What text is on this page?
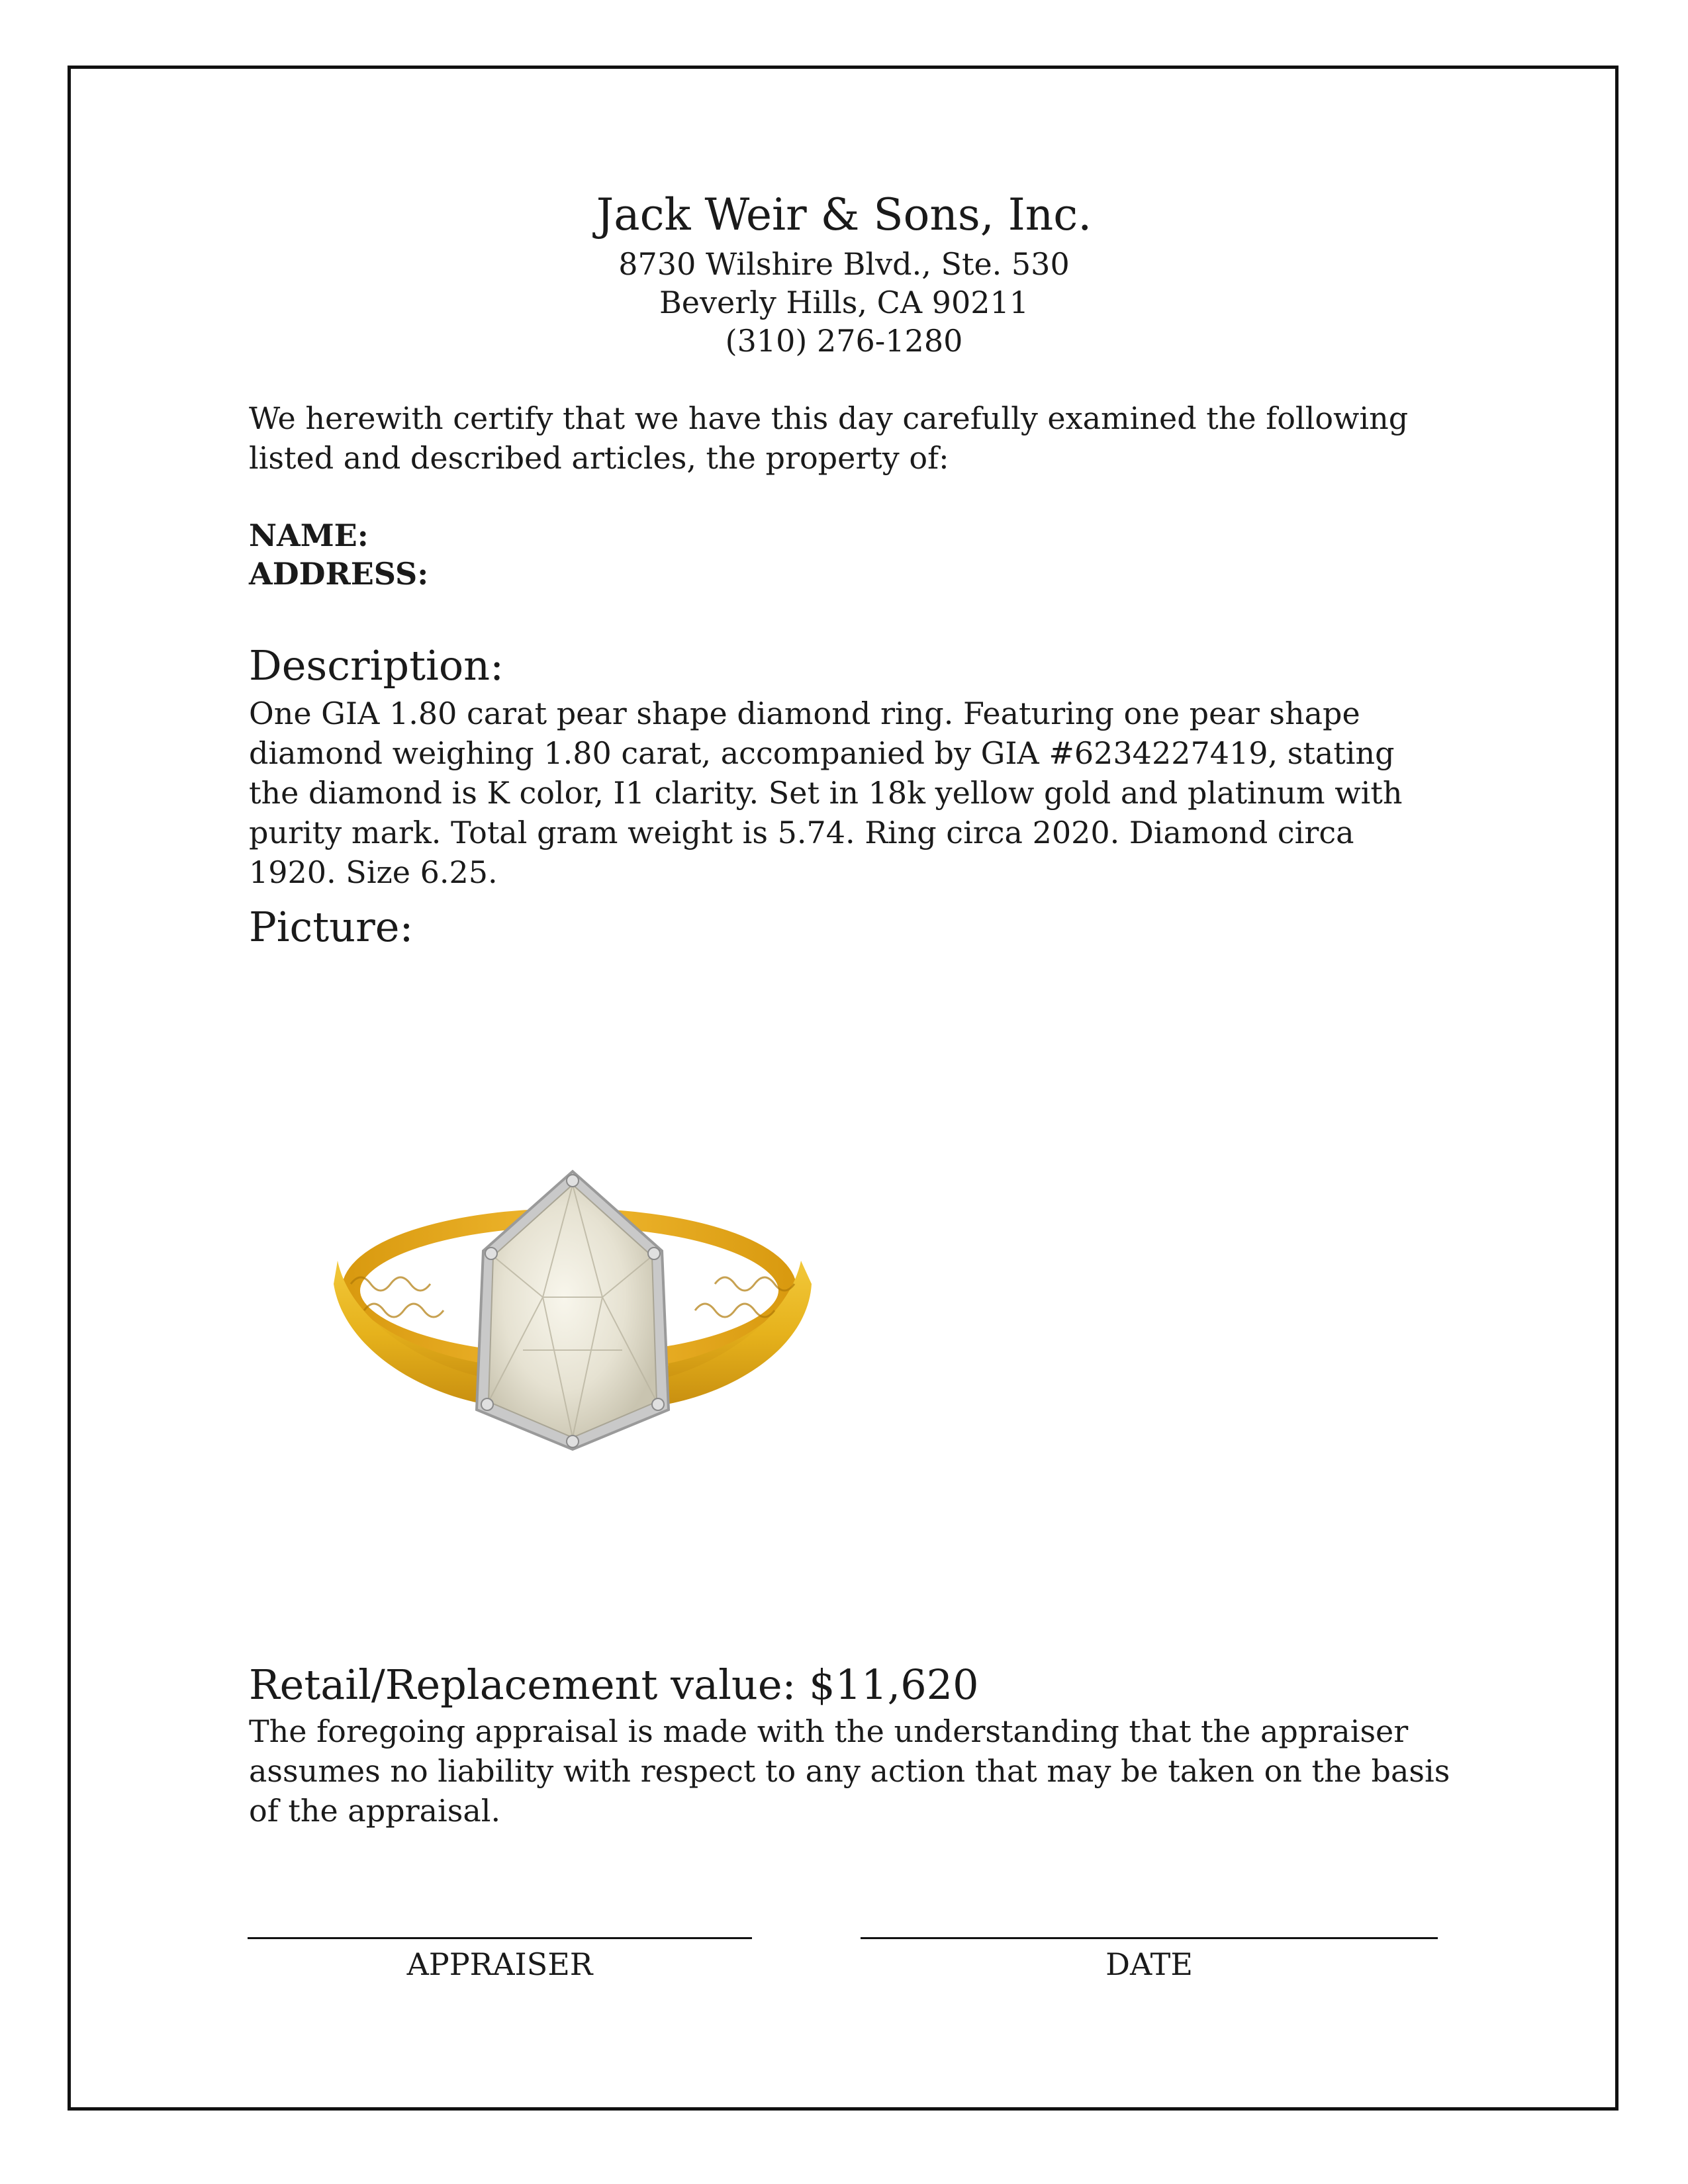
Jack Weir & Sons, Inc.
8730 Wilshire Blvd., Ste. 530
Beverly Hills, CA 90211
(310) 276-1280
We herewith certify that we have this day carefully examined the following listed and described articles, the property of:
NAME:
ADDRESS:
Description:
One GIA 1.80 carat pear shape diamond ring. Featuring one pear shape diamond weighing 1.80 carat, accompanied by GIA #6234227419, stating the diamond is K color, I1 clarity. Set in 18k yellow gold and platinum with purity mark. Total gram weight is 5.74. Ring circa 2020. Diamond circa 1920. Size 6.25.
Picture:
Retail/Replacement value: $11,620
The foregoing appraisal is made with the understanding that the appraiser assumes no liability with respect to any action that may be taken on the basis of the appraisal.
APPRAISER	DATE
